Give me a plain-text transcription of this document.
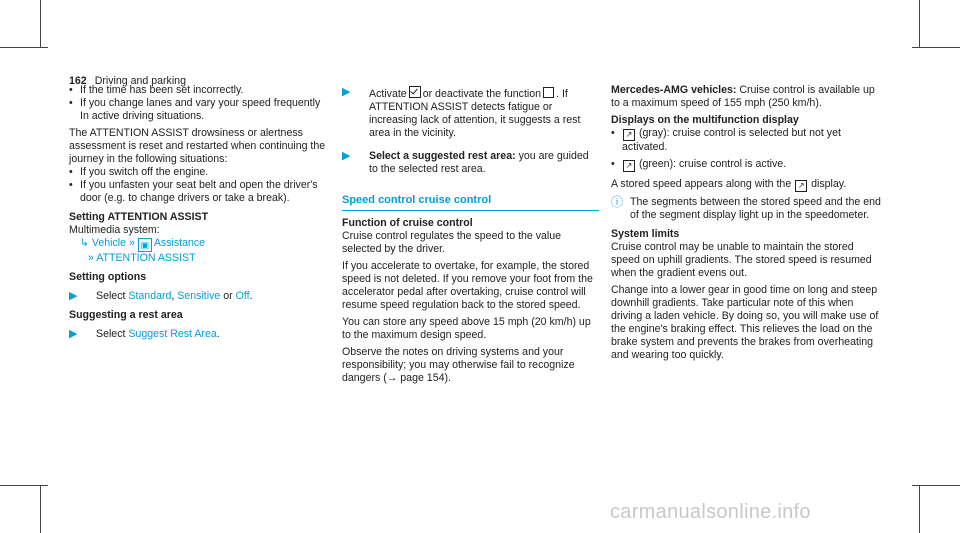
162 Driving and parking

• If the time has been set incorrectly.

• If you change lanes and vary your speed frequently In active driving situations.

The ATTENTION ASSIST drowsiness or alertness assessment is reset and restarted when continuing the journey in the following situations:

• If you switch off the engine.

• If you unfasten your seat belt and open the driver's door (e.g. to change drivers or take a break).

Setting ATTENTION ASSIST

Multimedia system:

↳ Vehicle » ▣ Assistance

» ATTENTION ASSIST

Setting options

▶ Select Standard, Sensitive or Off.

Suggesting a rest area

▶ Select Suggest Rest Area.

▶ Activate or deactivate the function . If ATTENTION ASSIST detects fatigue or increasing lack of attention, it suggests a rest area in the vicinity.

▶ Select a suggested rest area: you are guided to the selected rest area.

Speed control cruise control

Function of cruise control

Cruise control regulates the speed to the value selected by the driver.

If you accelerate to overtake, for example, the stored speed is not deleted. If you remove your foot from the accelerator pedal after overtaking, cruise control will resume speed regulation back to the stored speed.

You can store any speed above 15 mph (20 km/h) up to the maximum design speed.

Observe the notes on driving systems and your responsibility; you may otherwise fail to recognize dangers (→ page 154).

Mercedes-AMG vehicles: Cruise control is available up to a maximum speed of 155 mph (250 km/h).

Displays on the multifunction display

• ↗ (gray): cruise control is selected but not yet activated.

• ↗ (green): cruise control is active.

A stored speed appears along with the ↗ display.

ⓘ The segments between the stored speed and the end of the segment display light up in the speedometer.

System limits

Cruise control may be unable to maintain the stored speed on uphill gradients. The stored speed is resumed when the gradient evens out.

Change into a lower gear in good time on long and steep downhill gradients. Take particular note of this when driving a laden vehicle. By doing so, you will make use of the engine's braking effect. This relieves the load on the brake system and prevents the brakes from overheating and wearing too quickly.

carmanualsonline.info
